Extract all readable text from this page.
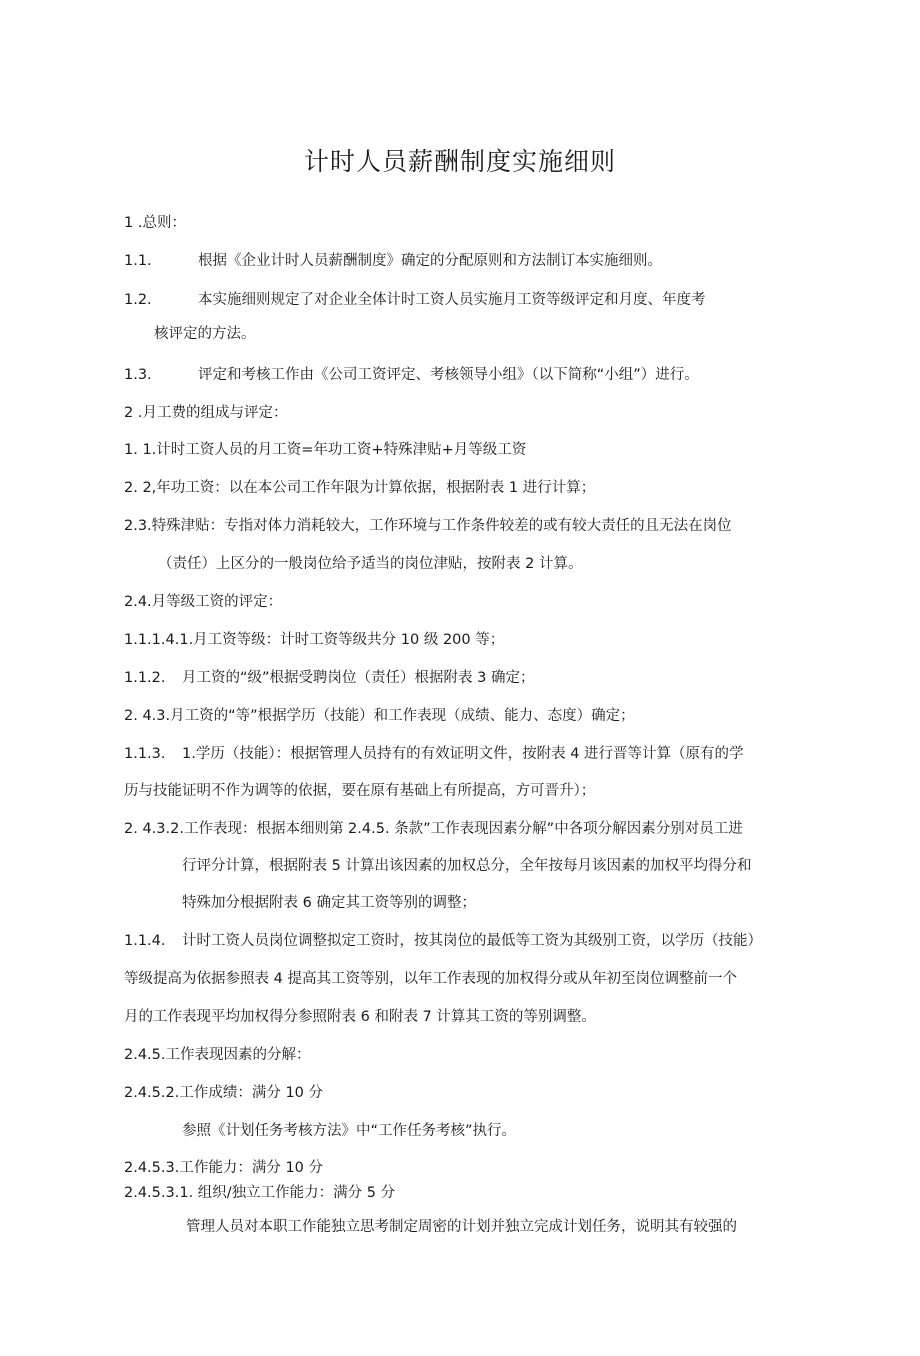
计时人员薪酬制度实施细则
1 .总则：
1.1.	根据《企业计时人员薪酬制度》确定的分配原则和方法制订本实施细则。
1.2.	本实施细则规定了对企业全体计时工资人员实施月工资等级评定和月度、年度考
核评定的方法。
1.3.	评定和考核工作由《公司工资评定、考核领导小组》（以下简称“小组”）进行。
2 .月工费的组成与评定：
1. 1.计时工资人员的月工资=年功工资+特殊津贴+月等级工资
2. 2,年功工资：以在本公司工作年限为计算依据，根据附表 1 进行计算；
2.3.特殊津贴：专指对体力消耗较大，工作环境与工作条件较差的或有较大责任的且无法在岗位
（责任）上区分的一般岗位给予适当的岗位津贴，按附表 2 计算。
2.4.月等级工资的评定：
1.1.1.4.1.月工资等级：计时工资等级共分 10 级 200 等；
1.1.2. 月工资的“级”根据受聘岗位（责任）根据附表 3 确定；
2. 4.3.月工资的“等”根据学历（技能）和工作表现（成绩、能力、态度）确定；
1.1.3. 1.学历（技能）：根据管理人员持有的有效证明文件，按附表 4 进行晋等计算（原有的学
历与技能证明不作为调等的依据，要在原有基础上有所提高，方可晋升）；
2. 4.3.2.工作表现：根据本细则第 2.4.5. 条款”工作表现因素分解”中各项分解因素分别对员工进
行评分计算，根据附表 5 计算出该因素的加权总分，全年按每月该因素的加权平均得分和
特殊加分根据附表 6 确定其工资等别的调整；
1.1.4. 计时工资人员岗位调整拟定工资时，按其岗位的最低等工资为其级别工资，以学历（技能）
等级提高为依据参照表 4 提高其工资等别，以年工作表现的加权得分或从年初至岗位调整前一个
月的工作表现平均加权得分参照附表 6 和附表 7 计算其工资的等别调整。
2.4.5.工作表现因素的分解：
2.4.5.2.工作成绩：满分 10 分
参照《计划任务考核方法》中“工作任务考核”执行。
2.4.5.3.工作能力：满分 10 分
2.4.5.3.1. 组织/独立工作能力：满分 5 分
管理人员对本职工作能独立思考制定周密的计划并独立完成计划任务，说明其有较强的
